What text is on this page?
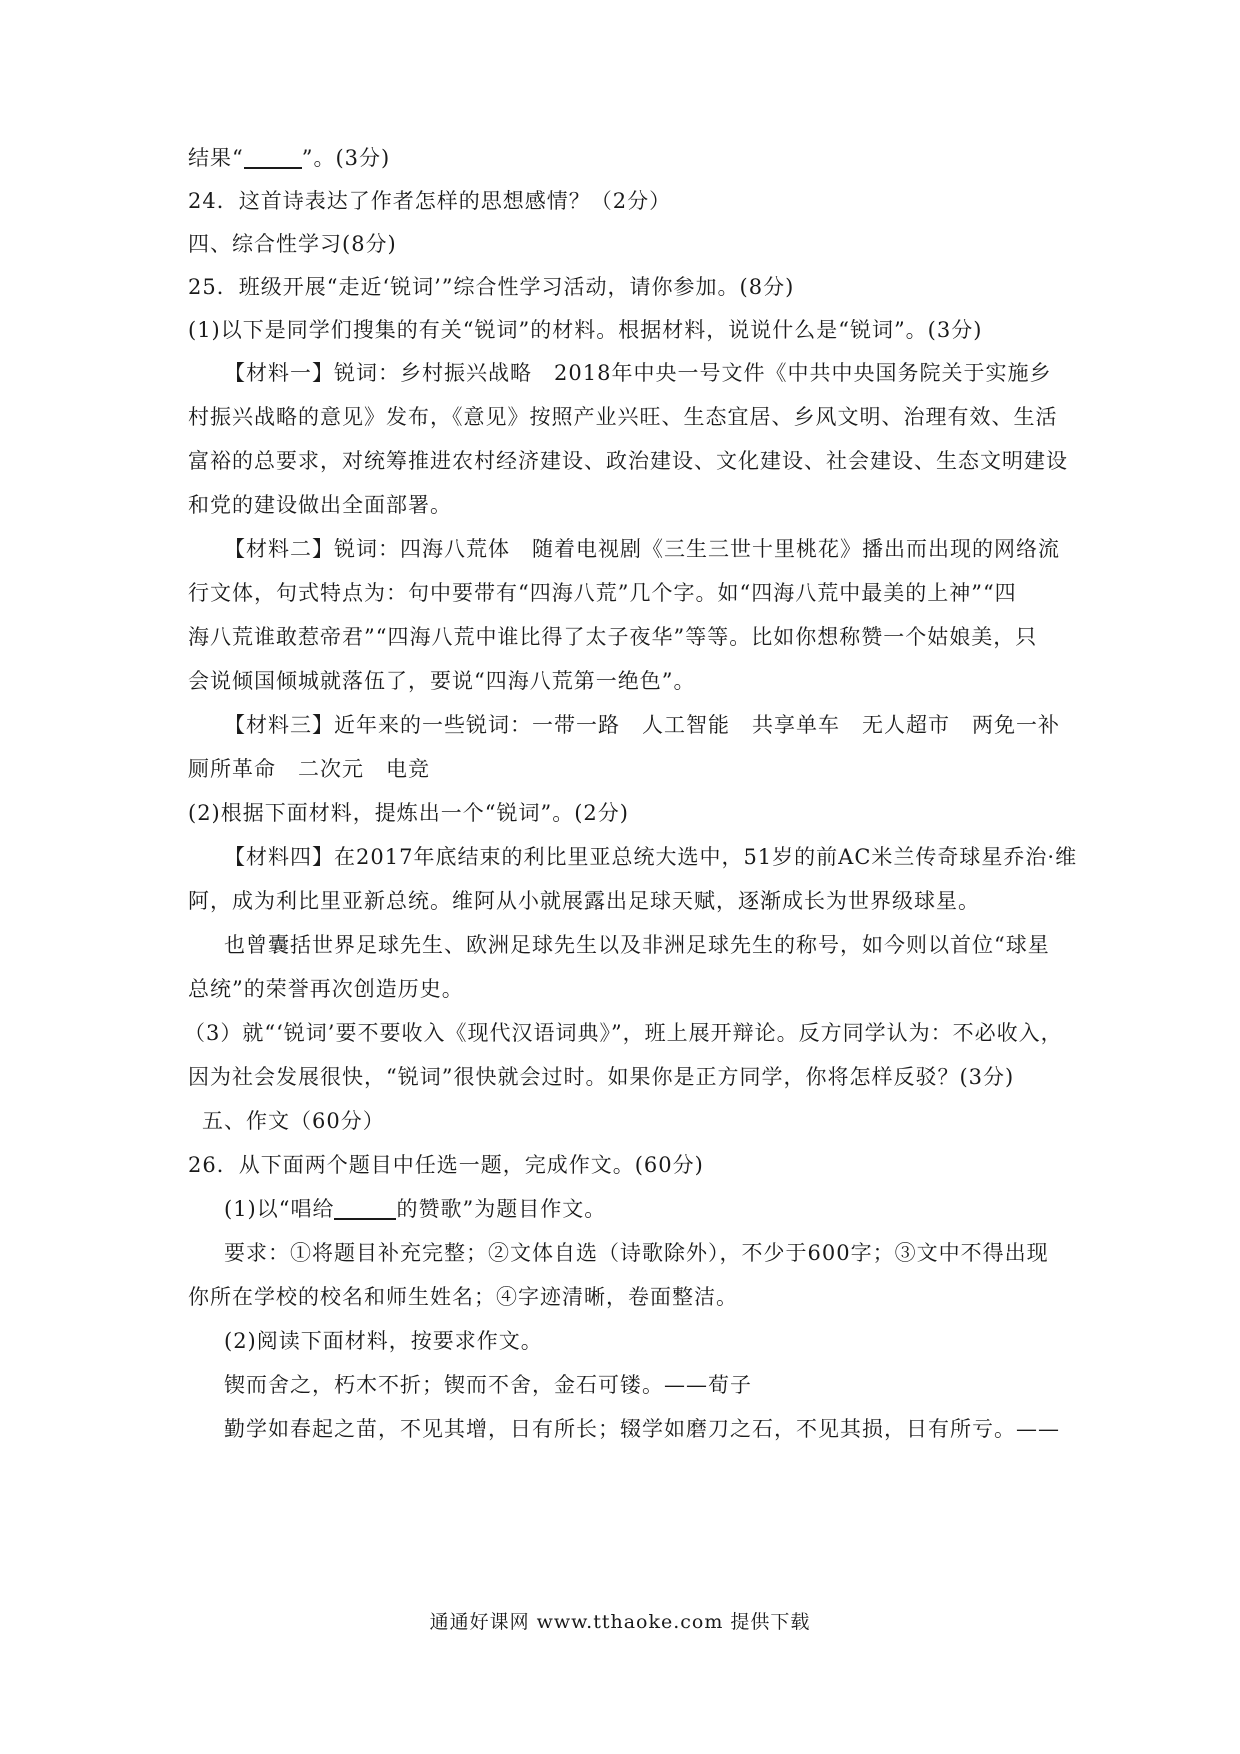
结果“	”。(3分)
24．这首诗表达了作者怎样的思想感情？（2分）
四、综合性学习(8分)
25．班级开展“走近‘锐词’”综合性学习活动，请你参加。(8分)
(1)以下是同学们搜集的有关“锐词”的材料。根据材料，说说什么是“锐词”。(3分)
【材料一】锐词：乡村振兴战略　2018年中央一号文件《中共中央国务院关于实施乡
村振兴战略的意见》发布，《意见》按照产业兴旺、生态宜居、乡风文明、治理有效、生活
富裕的总要求，对统筹推进农村经济建设、政治建设、文化建设、社会建设、生态文明建设
和党的建设做出全面部署。
【材料二】锐词：四海八荒体　随着电视剧《三生三世十里桃花》播出而出现的网络流
行文体，句式特点为：句中要带有“四海八荒”几个字。如“四海八荒中最美的上神”“四
海八荒谁敢惹帝君”“四海八荒中谁比得了太子夜华”等等。比如你想称赞一个姑娘美，只
会说倾国倾城就落伍了，要说“四海八荒第一绝色”。
【材料三】近年来的一些锐词：一带一路　人工智能　共享单车　无人超市　两免一补
厕所革命　二次元　电竞
(2)根据下面材料，提炼出一个“锐词”。(2分)
【材料四】在2017年底结束的利比里亚总统大选中，51岁的前AC米兰传奇球星乔治·维
阿，成为利比里亚新总统。维阿从小就展露出足球天赋，逐渐成长为世界级球星。
也曾囊括世界足球先生、欧洲足球先生以及非洲足球先生的称号，如今则以首位“球星
总统”的荣誉再次创造历史。
（3）就“‘锐词’要不要收入《现代汉语词典》”，班上展开辩论。反方同学认为：不必收入，
因为社会发展很快，“锐词”很快就会过时。如果你是正方同学，你将怎样反驳？(3分)
五、作文（60分）
26．从下面两个题目中任选一题，完成作文。(60分)
(1)以“唱给	的赞歌”为题目作文。
要求：①将题目补充完整；②文体自选（诗歌除外），不少于600字；③文中不得出现
你所在学校的校名和师生姓名；④字迹清晰，卷面整洁。
(2)阅读下面材料，按要求作文。
锲而舍之，朽木不折；锲而不舍，金石可镂。——荀子
勤学如春起之苗，不见其增，日有所长；辍学如磨刀之石，不见其损，日有所亏。——
通通好课网 www.tthaoke.com 提供下载
